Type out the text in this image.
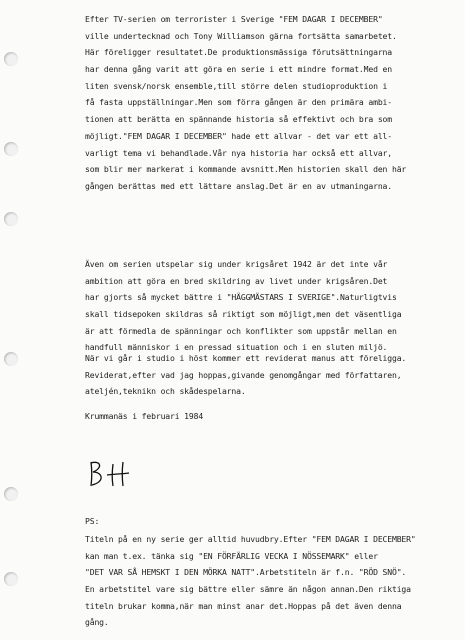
Efter TV-serien om terrorister i Sverige "FEM DAGAR I DECEMBER"
ville undertecknad och Tony Williamson gärna fortsätta samarbetet.
Här föreligger resultatet.De produktionsmässiga förutsättningarna
har denna gång varit att göra en serie i ett mindre format.Med en
liten svensk/norsk ensemble,till större delen studioproduktion i
få fasta uppställningar.Men som förra gången är den primära ambi-
tionen att berätta en spännande historia så effektivt och bra som
möjligt."FEM DAGAR I DECEMBER" hade ett allvar - det var ett all-
varligt tema vi behandlade.Vår nya historia har också ett allvar,
som blir mer markerat i kommande avsnitt.Men historien skall den här
gången berättas med ett lättare anslag.Det är en av utmaningarna.
Även om serien utspelar sig under krigsåret 1942 är det inte vår
ambition att göra en bred skildring av livet under krigsåren.Det
har gjorts så mycket bättre i "HÄGGMÄSTARS I SVERIGE".Naturligtvis
skall tidsepoken skildras så riktigt som möjligt,men det väsentliga
är att förmedla de spänningar och konflikter som uppstår mellan en
handfull människor i en pressad situation och i en sluten miljö.
När vi går i studio i höst kommer ett reviderat manus att föreligga.
Reviderat,efter vad jag hoppas,givande genomgångar med författaren,
ateljén,teknikn och skådespelarna.
Krummanäs i februari 1984
PS:
Titeln på en ny serie ger alltid huvudbry.Efter "FEM DAGAR I DECEMBER"
kan man t.ex. tänka sig "EN FÖRFÄRLIG VECKA I NÖSSEMARK" eller
"DET VAR SÅ HEMSKT I DEN MÖRKA NATT".Arbetstiteln är f.n. "RÖD SNÖ".
En arbetstitel vare sig bättre eller sämre än någon annan.Den riktiga
titeln brukar komma,när man minst anar det.Hoppas på det även denna
gång.
